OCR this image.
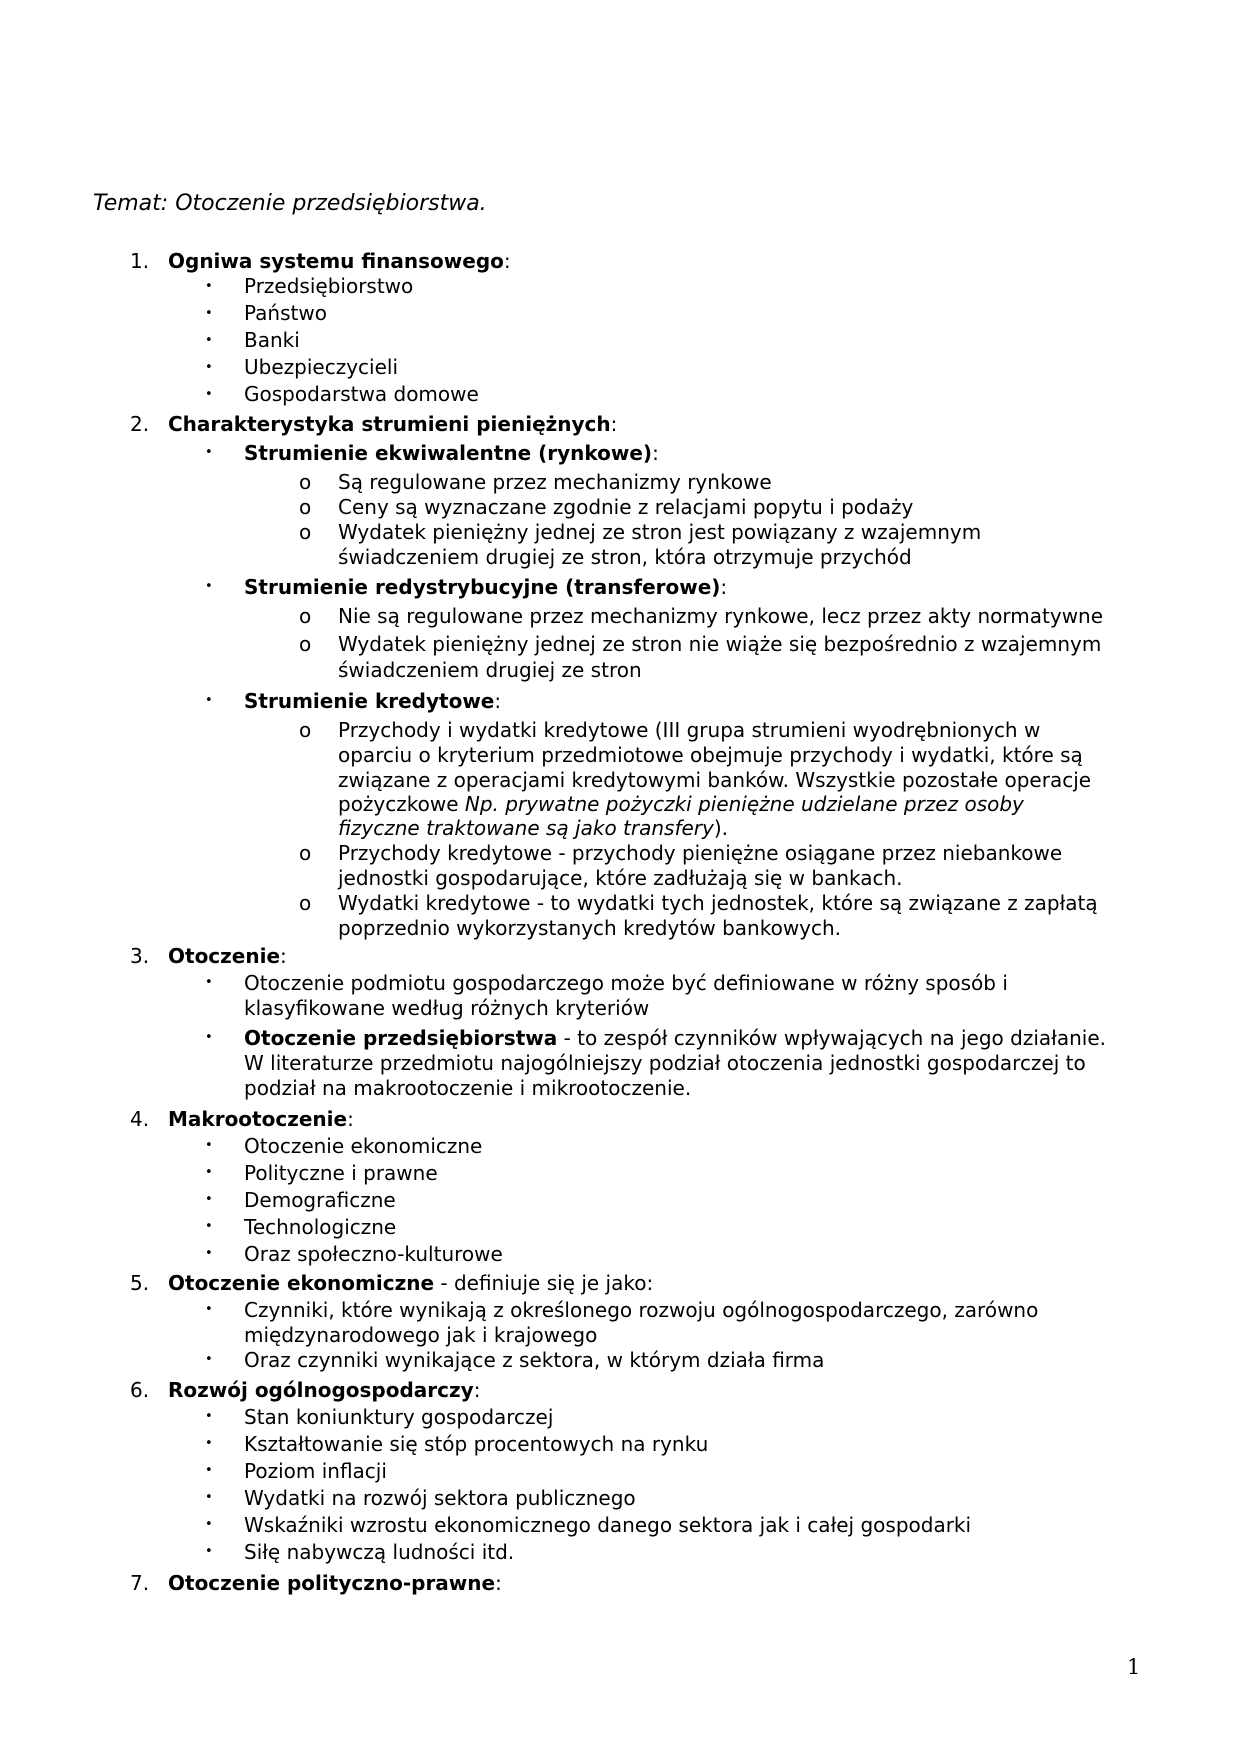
Temat: Otoczenie przedsiębiorstwa.
1. Ogniwa systemu finansowego:
• Przedsiębiorstwo
• Państwo
• Banki
• Ubezpieczycieli
• Gospodarstwa domowe
2. Charakterystyka strumieni pieniężnych:
• Strumienie ekwiwalentne (rynkowe):
o Są regulowane przez mechanizmy rynkowe
o Ceny są wyznaczane zgodnie z relacjami popytu i podaży
o Wydatek pieniężny jednej ze stron jest powiązany z wzajemnym
świadczeniem drugiej ze stron, która otrzymuje przychód
• Strumienie redystrybucyjne (transferowe):
o Nie są regulowane przez mechanizmy rynkowe, lecz przez akty normatywne
o Wydatek pieniężny jednej ze stron nie wiąże się bezpośrednio z wzajemnym
świadczeniem drugiej ze stron
• Strumienie kredytowe:
o Przychody i wydatki kredytowe (III grupa strumieni wyodrębnionych w
oparciu o kryterium przedmiotowe obejmuje przychody i wydatki, które są
związane z operacjami kredytowymi banków. Wszystkie pozostałe operacje
pożyczkowe Np. prywatne pożyczki pieniężne udzielane przez osoby
fizyczne traktowane są jako transfery).
o Przychody kredytowe - przychody pieniężne osiągane przez niebankowe
jednostki gospodarujące, które zadłużają się w bankach.
o Wydatki kredytowe - to wydatki tych jednostek, które są związane z zapłatą
poprzednio wykorzystanych kredytów bankowych.
3. Otoczenie:
• Otoczenie podmiotu gospodarczego może być definiowane w różny sposób i
klasyfikowane według różnych kryteriów
• Otoczenie przedsiębiorstwa - to zespół czynników wpływających na jego działanie.
W literaturze przedmiotu najogólniejszy podział otoczenia jednostki gospodarczej to
podział na makrootoczenie i mikrootoczenie.
4. Makrootoczenie:
• Otoczenie ekonomiczne
• Polityczne i prawne
• Demograficzne
• Technologiczne
• Oraz społeczno-kulturowe
5. Otoczenie ekonomiczne - definiuje się je jako:
• Czynniki, które wynikają z określonego rozwoju ogólnogospodarczego, zarówno
międzynarodowego jak i krajowego
• Oraz czynniki wynikające z sektora, w którym działa firma
6. Rozwój ogólnogospodarczy:
• Stan koniunktury gospodarczej
• Kształtowanie się stóp procentowych na rynku
• Poziom inflacji
• Wydatki na rozwój sektora publicznego
• Wskaźniki wzrostu ekonomicznego danego sektora jak i całej gospodarki
• Siłę nabywczą ludności itd.
7. Otoczenie polityczno-prawne:
1
